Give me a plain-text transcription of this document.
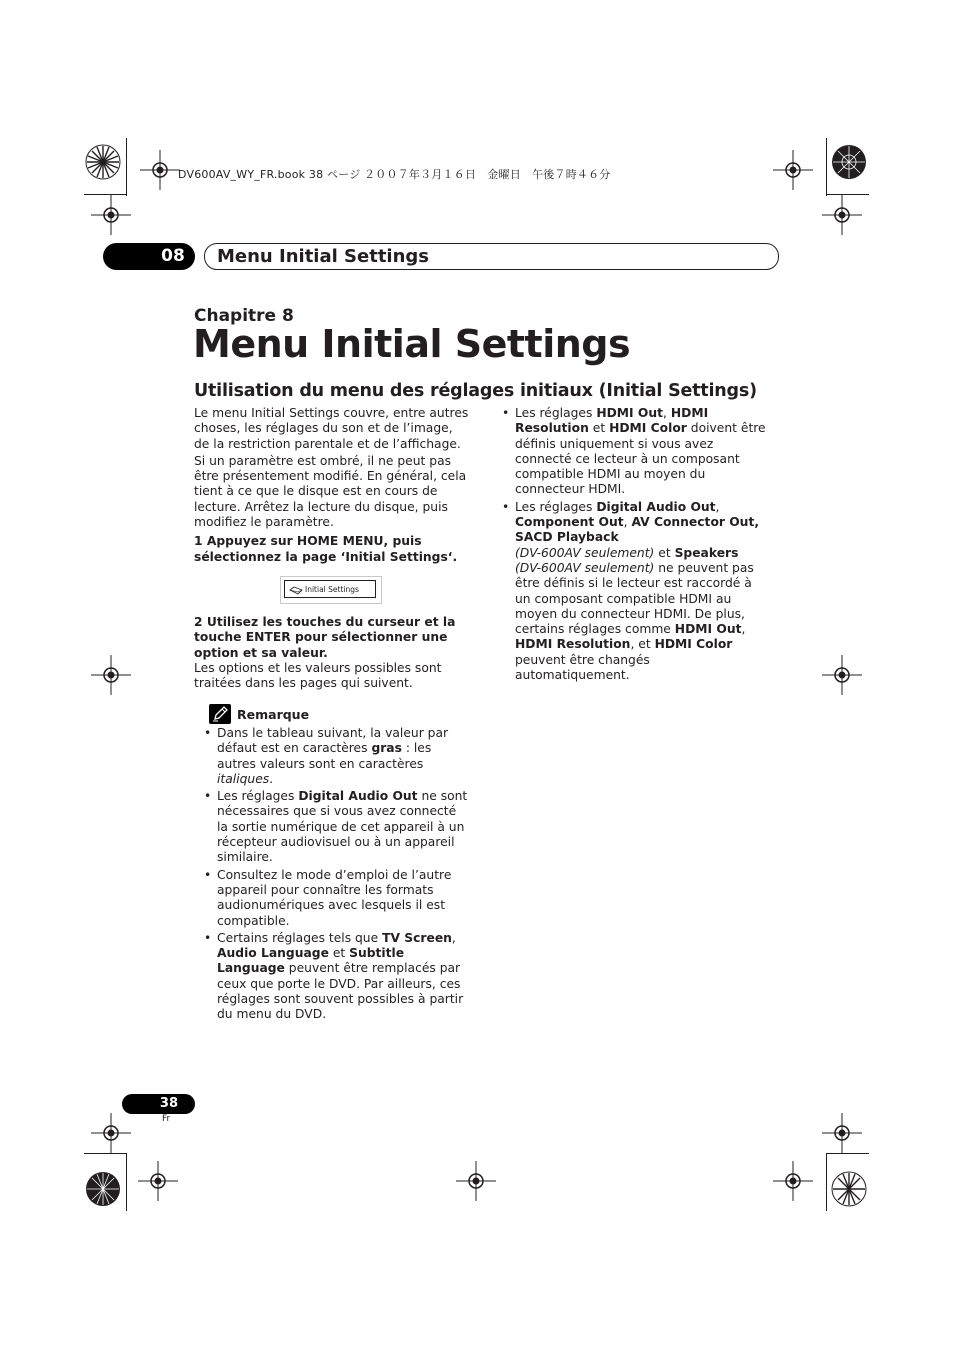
DV600AV_WY_FR.book 38 ページ ２００７年３月１６日　金曜日　午後７時４６分
08	Menu Initial Settings
Chapitre 8
Menu Initial Settings
Utilisation du menu des réglages initiaux (Initial Settings)

Le menu Initial Settings couvre, entre autres choses, les réglages du son et de l’image, de la restriction parentale et de l’affichage.

Si un paramètre est ombré, il ne peut pas être présentement modifié. En général, cela tient à ce que le disque est en cours de lecture. Arrêtez la lecture du disque, puis modifiez le paramètre.

1 Appuyez sur HOME MENU, puis sélectionnez la page ‘Initial Settings‘.

Initial Settings

2 Utilisez les touches du curseur et la touche ENTER pour sélectionner une option et sa valeur.

Les options et les valeurs possibles sont traitées dans les pages qui suivent.

Remarque
• Dans le tableau suivant, la valeur par défaut est en caractères gras : les autres valeurs sont en caractères italiques.
• Les réglages Digital Audio Out ne sont nécessaires que si vous avez connecté la sortie numérique de cet appareil à un récepteur audiovisuel ou à un appareil similaire.
• Consultez le mode d’emploi de l’autre appareil pour connaître les formats audionumériques avec lesquels il est compatible.
• Certains réglages tels que TV Screen, Audio Language et Subtitle Language peuvent être remplacés par ceux que porte le DVD. Par ailleurs, ces réglages sont souvent possibles à partir du menu du DVD.
• Les réglages HDMI Out, HDMI Resolution et HDMI Color doivent être définis uniquement si vous avez connecté ce lecteur à un composant compatible HDMI au moyen du connecteur HDMI.
• Les réglages Digital Audio Out, Component Out, AV Connector Out, SACD Playback
(DV-600AV seulement) et Speakers
(DV-600AV seulement) ne peuvent pas être définis si le lecteur est raccordé à un composant compatible HDMI au moyen du connecteur HDMI. De plus, certains réglages comme HDMI Out, HDMI Resolution, et HDMI Color peuvent être changés automatiquement.
38
Fr
